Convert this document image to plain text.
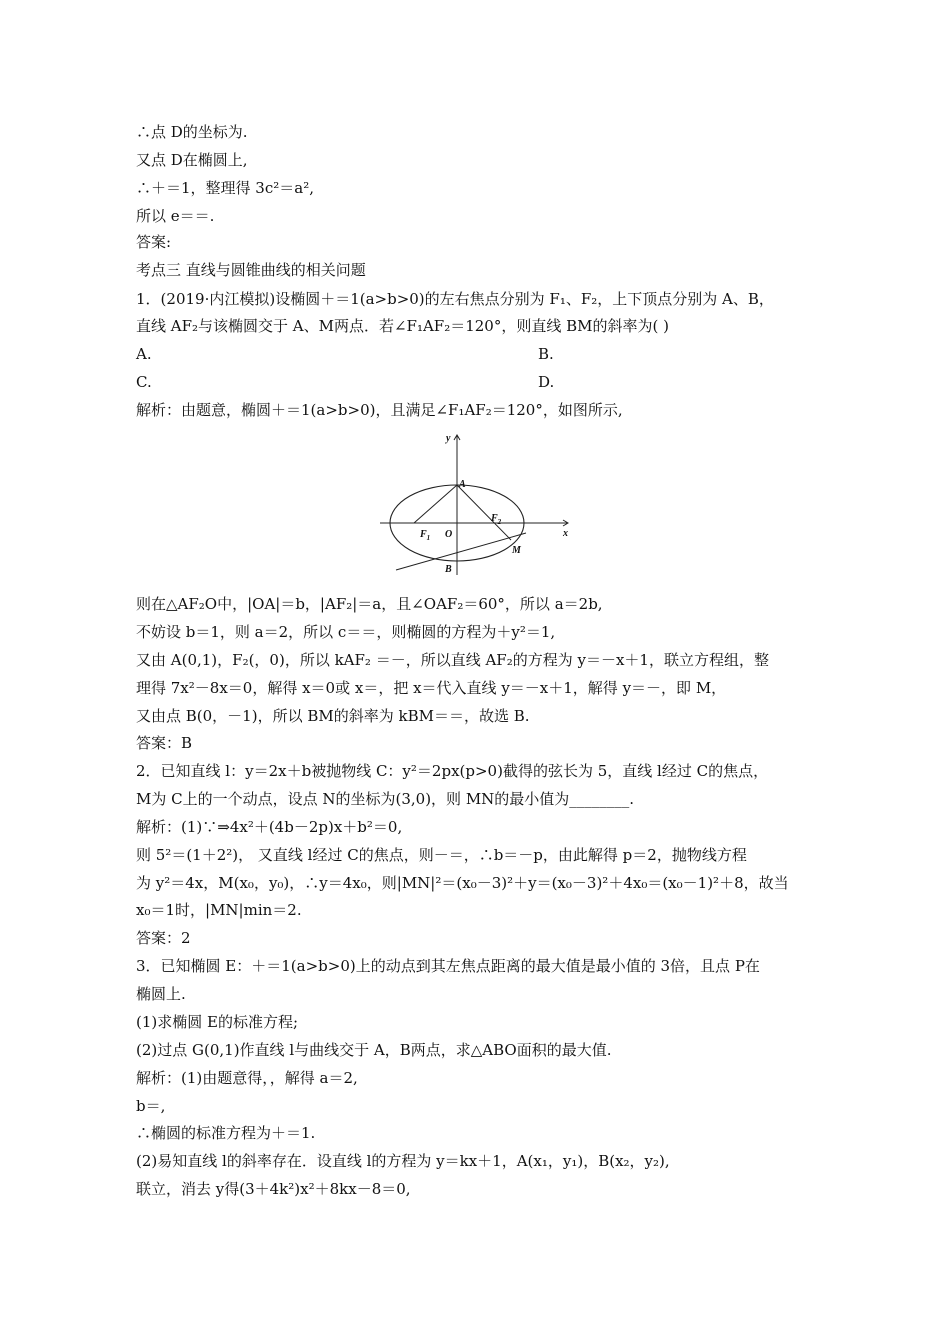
∴点 D的坐标为.
又点 D在椭圆上,
∴＋＝1，整理得 3c²＝a²,
所以 e＝＝.
答案:
考点三 直线与圆锥曲线的相关问题
1．(2019·内江模拟)设椭圆＋＝1(a>b>0)的左右焦点分别为 F₁、F₂，上下顶点分别为 A、B，
直线 AF₂与该椭圆交于 A、M两点．若∠F₁AF₂＝120°，则直线 BM的斜率为( )
A.	B.
C.	D.
解析：由题意，椭圆＋＝1(a>b>0)，且满足∠F₁AF₂＝120°，如图所示,
y
x
A
B
O
$F_1$
$F_2$
M
则在△AF₂O中，|OA|＝b，|AF₂|＝a，且∠OAF₂＝60°，所以 a＝2b,
不妨设 b＝1，则 a＝2，所以 c＝＝，则椭圆的方程为＋y²＝1,
又由 A(0,1)，F₂(，0)，所以 kAF₂ ＝－，所以直线 AF₂的方程为 y＝－x＋1，联立方程组，整
理得 7x²－8x＝0，解得 x＝0或 x＝，把 x＝代入直线 y＝－x＋1，解得 y＝－，即 M，
又由点 B(0，－1)，所以 BM的斜率为 kBM＝＝，故选 B.
答案：B
2．已知直线 l：y＝2x＋b被抛物线 C：y²＝2px(p>0)截得的弦长为 5，直线 l经过 C的焦点，
M为 C上的一个动点，设点 N的坐标为(3,0)，则 MN的最小值为________.
解析：(1)∵⇒4x²＋(4b－2p)x＋b²＝0,
则 5²＝(1＋2²)， 又直线 l经过 C的焦点，则－＝，∴b＝－p，由此解得 p＝2，抛物线方程
为 y²＝4x，M(x₀，y₀)，∴y＝4x₀，则|MN|²＝(x₀－3)²＋y＝(x₀－3)²＋4x₀＝(x₀－1)²＋8，故当
x₀＝1时，|MN|min＝2.
答案：2
3．已知椭圆 E：＋＝1(a>b>0)上的动点到其左焦点距离的最大值是最小值的 3倍，且点 P在
椭圆上.
(1)求椭圆 E的标准方程;
(2)过点 G(0,1)作直线 l与曲线交于 A，B两点，求△ABO面积的最大值.
解析：(1)由题意得，，解得 a＝2,
b＝,
∴椭圆的标准方程为＋＝1.
(2)易知直线 l的斜率存在．设直线 l的方程为 y＝kx＋1，A(x₁，y₁)，B(x₂，y₂),
联立，消去 y得(3＋4k²)x²＋8kx－8＝0,
